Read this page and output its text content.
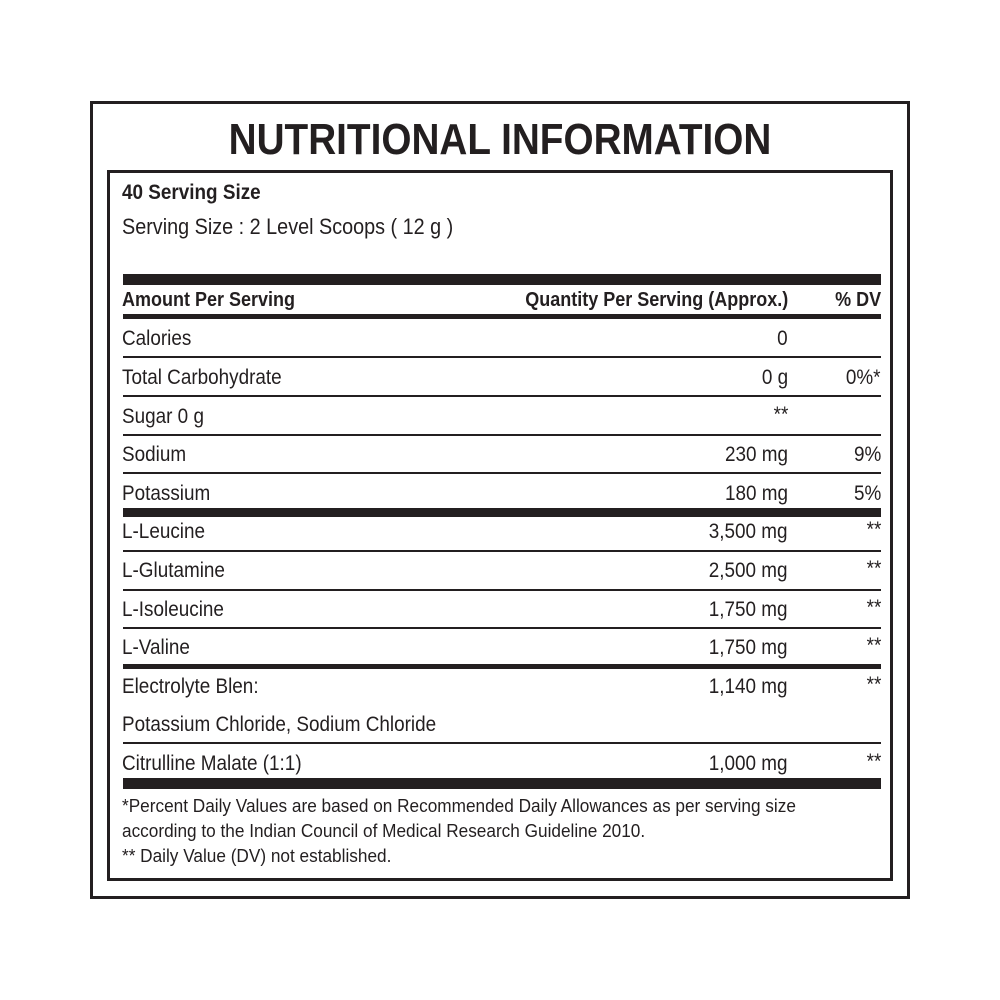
NUTRITIONAL INFORMATION
40 Serving Size
Serving Size : 2 Level Scoops ( 12 g )
Amount Per Serving	Quantity Per Serving (Approx.) % DV
Calories	0
Total Carbohydrate	0 g	0%*
Sugar 0 g	**
Sodium	230 mg	9%
Potassium	180 mg	5%
L-Leucine	3,500 mg	**
L-Glutamine	2,500 mg	**
L-Isoleucine	1,750 mg	**
L-Valine	1,750 mg	**
Electrolyte Blen:	1,140 mg	**
Potassium Chloride, Sodium Chloride
Citrulline Malate (1:1)	1,000 mg	**
*Percent Daily Values are based on Recommended Daily Allowances as per serving size
according to the Indian Council of Medical Research Guideline 2010.
** Daily Value (DV) not established.
